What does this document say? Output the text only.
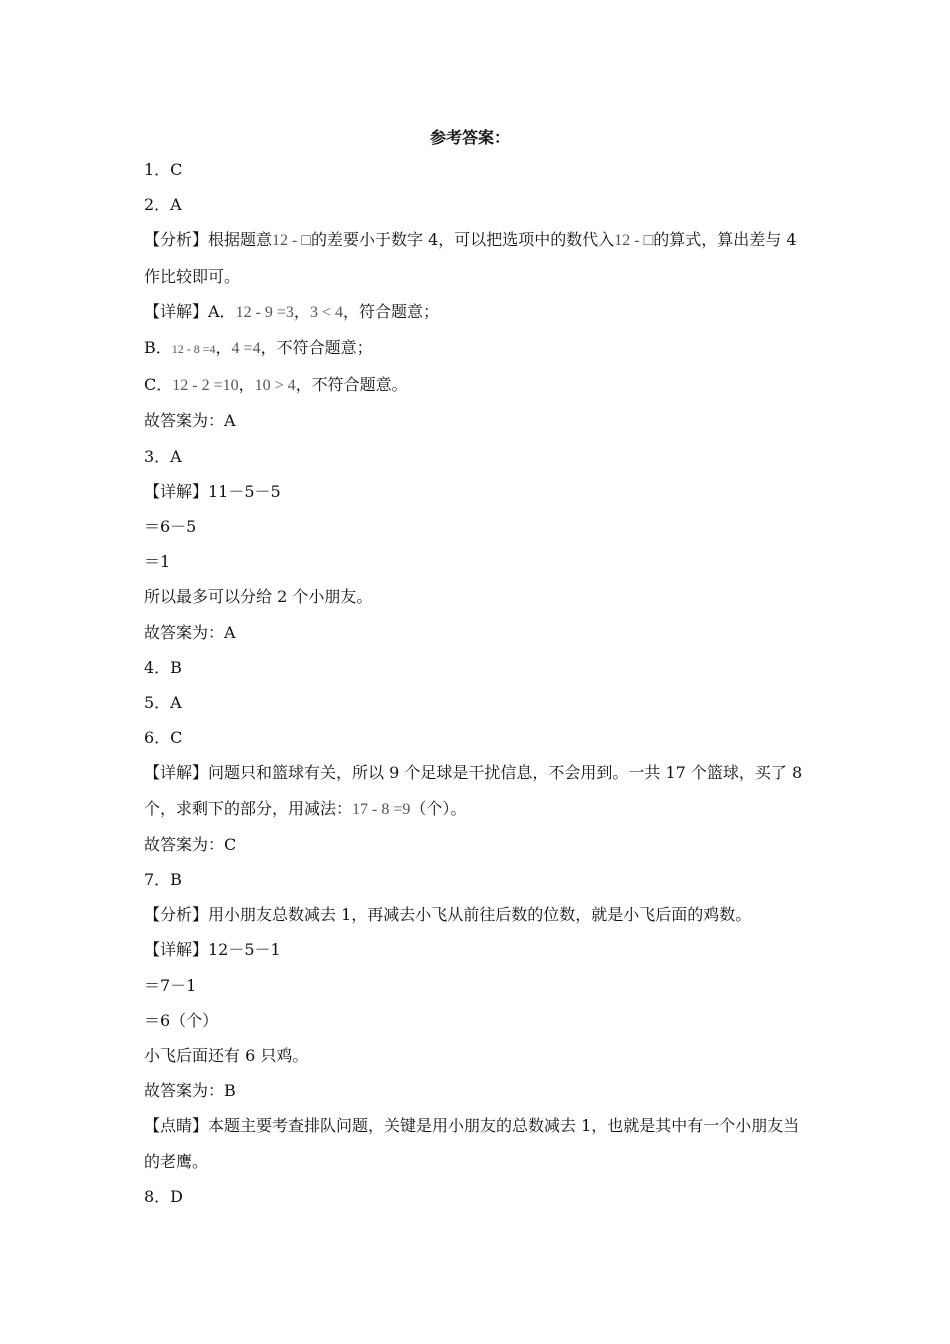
参考答案：
1．C
2．A
【分析】根据题意12 - □的差要小于数字 4，可以把选项中的数代入12 - □的算式，算出差与 4 作比较即可。
【详解】A．12 - 9 =3，3 < 4，符合题意；
B．12 - 8 =4，4 =4，不符合题意；
C．12 - 2 =10，10 > 4，不符合题意。
故答案为：A
3．A
【详解】11－5－5
＝6－5
＝1
所以最多可以分给 2 个小朋友。
故答案为：A
4．B
5．A
6．C
【详解】问题只和篮球有关，所以 9 个足球是干扰信息，不会用到。一共 17 个篮球，买了 8 个，求剩下的部分，用减法：17 - 8 =9（个）。
故答案为：C
7．B
【分析】用小朋友总数减去 1，再减去小飞从前往后数的位数，就是小飞后面的鸡数。
【详解】12－5－1
＝7－1
＝6（个）
小飞后面还有 6 只鸡。
故答案为：B
【点睛】本题主要考查排队问题，关键是用小朋友的总数减去 1，也就是其中有一个小朋友当的老鹰。
8．D
